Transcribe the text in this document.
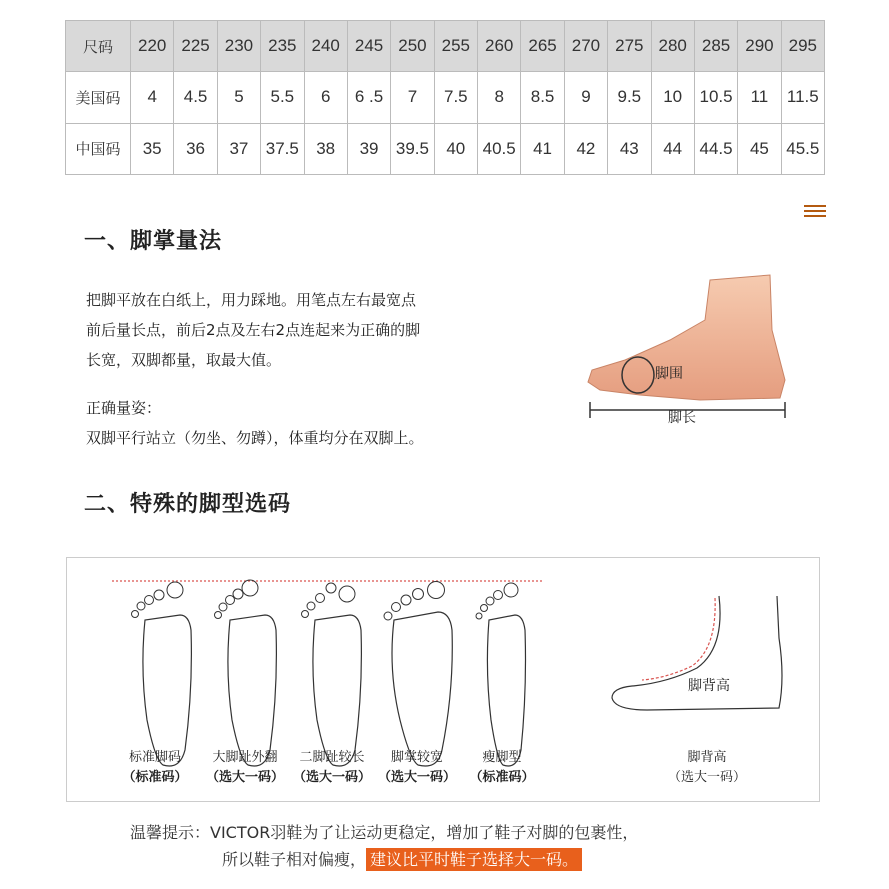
尺码	220	225	230	235	240	245	250	255	260	265	270	275	280	285	290	295
美国码	4	4.5	5	5.5	6	6 .5	7	7.5	8	8.5	9	9.5	10	10.5	11	11.5
中国码	35	36	37	37.5	38	39	39.5	40	40.5	41	42	43	44	44.5	45	45.5
一、脚掌量法
把脚平放在白纸上，用力踩地。用笔点左右最宽点
前后量长点，前后2点及左右2点连起来为正确的脚
长宽，双脚都量，取最大值。
正确量姿：
双脚平行站立（勿坐、勿蹲），体重均分在双脚上。
脚围
脚长
二、特殊的脚型选码
标准脚码
（标准码）
大脚趾外翻
（选大一码）
二脚趾较长
（选大一码）
脚掌较宽
（选大一码）
瘦脚型
（标准码）
脚背高
脚背高
（选大一码）
温馨提示：VICTOR羽鞋为了让运动更稳定，增加了鞋子对脚的包裹性，
所以鞋子相对偏瘦， 建议比平时鞋子选择大一码。
